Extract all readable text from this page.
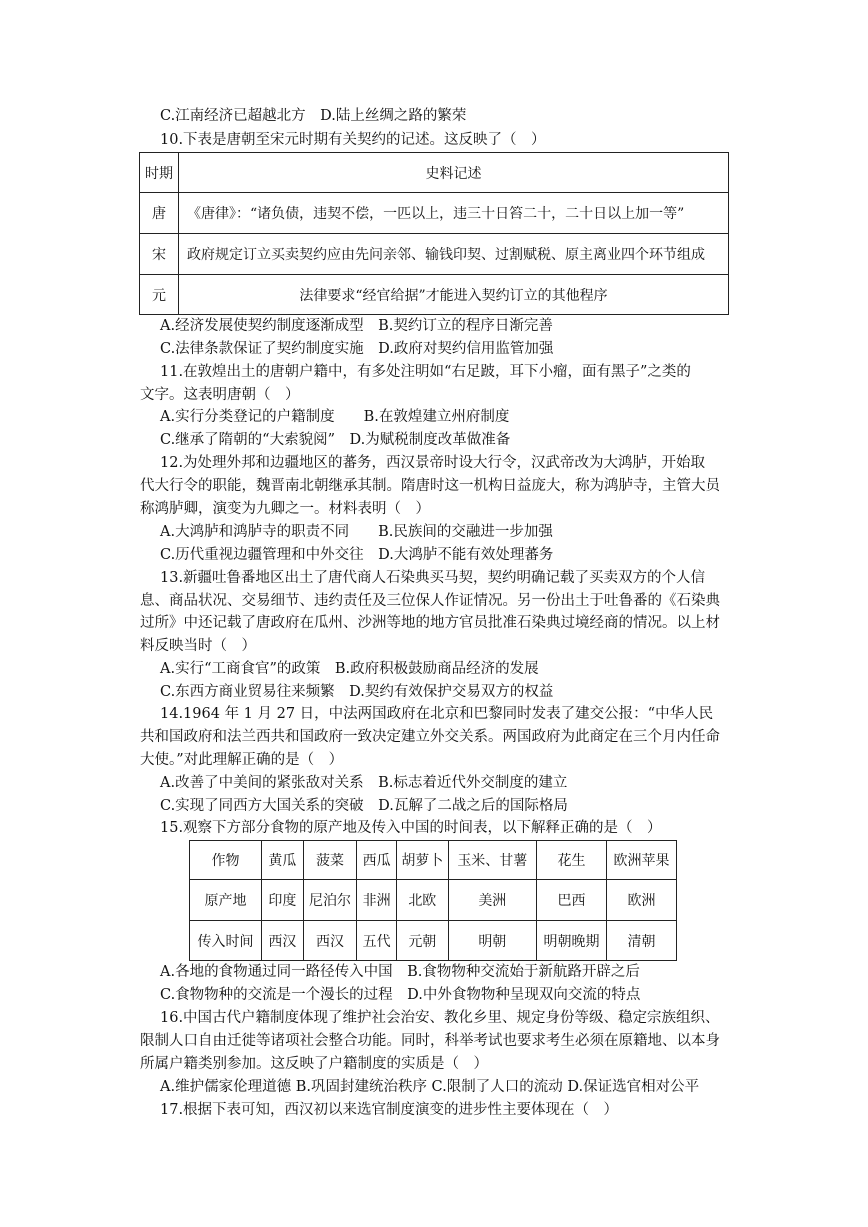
C.江南经济已超越北方　D.陆上丝绸之路的繁荣
10.下表是唐朝至宋元时期有关契约的记述。这反映了（　）
时期	史料记述
唐	《唐律》：“诸负债，违契不偿，一匹以上，违三十日笞二十，二十日以上加一等”
宋	政府规定订立买卖契约应由先问亲邻、输钱印契、过割赋税、原主离业四个环节组成
元	法律要求“经官给据”才能进入契约订立的其他程序
A.经济发展使契约制度逐渐成型　B.契约订立的程序日渐完善
C.法律条款保证了契约制度实施　D.政府对契约信用监管加强
11.在敦煌出土的唐朝户籍中，有多处注明如“右足跛，耳下小瘤，面有黑子”之类的
文字。这表明唐朝（　）
A.实行分类登记的户籍制度　　B.在敦煌建立州府制度
C.继承了隋朝的“大索貌阅”　D.为赋税制度改革做准备
12.为处理外邦和边疆地区的蕃务，西汉景帝时设大行令，汉武帝改为大鸿胪，开始取
代大行令的职能，魏晋南北朝继承其制。隋唐时这一机构日益庞大，称为鸿胪寺，主管大员
称鸿胪卿，演变为九卿之一。材料表明（　）
A.大鸿胪和鸿胪寺的职责不同　　B.民族间的交融进一步加强
C.历代重视边疆管理和中外交往　D.大鸿胪不能有效处理蕃务
13.新疆吐鲁番地区出土了唐代商人石染典买马契，契约明确记载了买卖双方的个人信
息、商品状况、交易细节、违约责任及三位保人作证情况。另一份出土于吐鲁番的《石染典
过所》中还记载了唐政府在瓜州、沙洲等地的地方官员批准石染典过境经商的情况。以上材
料反映当时（　）
A.实行“工商食官”的政策　B.政府积极鼓励商品经济的发展
C.东西方商业贸易往来频繁　D.契约有效保护交易双方的权益
14.1964 年 1 月 27 日，中法两国政府在北京和巴黎同时发表了建交公报：“中华人民
共和国政府和法兰西共和国政府一致决定建立外交关系。两国政府为此商定在三个月内任命
大使。”对此理解正确的是（　）
A.改善了中美间的紧张敌对关系　B.标志着近代外交制度的建立
C.实现了同西方大国关系的突破　D.瓦解了二战之后的国际格局
15.观察下方部分食物的原产地及传入中国的时间表，以下解释正确的是（　）
作物	黄瓜	菠菜	西瓜	胡萝卜	玉米、甘薯	花生	欧洲苹果
原产地	印度	尼泊尔	非洲	北欧	美洲	巴西	欧洲
传入时间	西汉	西汉	五代	元朝	明朝	明朝晚期	清朝
A.各地的食物通过同一路径传入中国　B.食物物种交流始于新航路开辟之后
C.食物物种的交流是一个漫长的过程　D.中外食物物种呈现双向交流的特点
16.中国古代户籍制度体现了维护社会治安、教化乡里、规定身份等级、稳定宗族组织、
限制人口自由迁徙等诸项社会整合功能。同时，科举考试也要求考生必须在原籍地、以本身
所属户籍类别参加。这反映了户籍制度的实质是（　）
A.维护儒家伦理道德 B.巩固封建统治秩序 C.限制了人口的流动 D.保证选官相对公平
17.根据下表可知，西汉初以来选官制度演变的进步性主要体现在（　）
